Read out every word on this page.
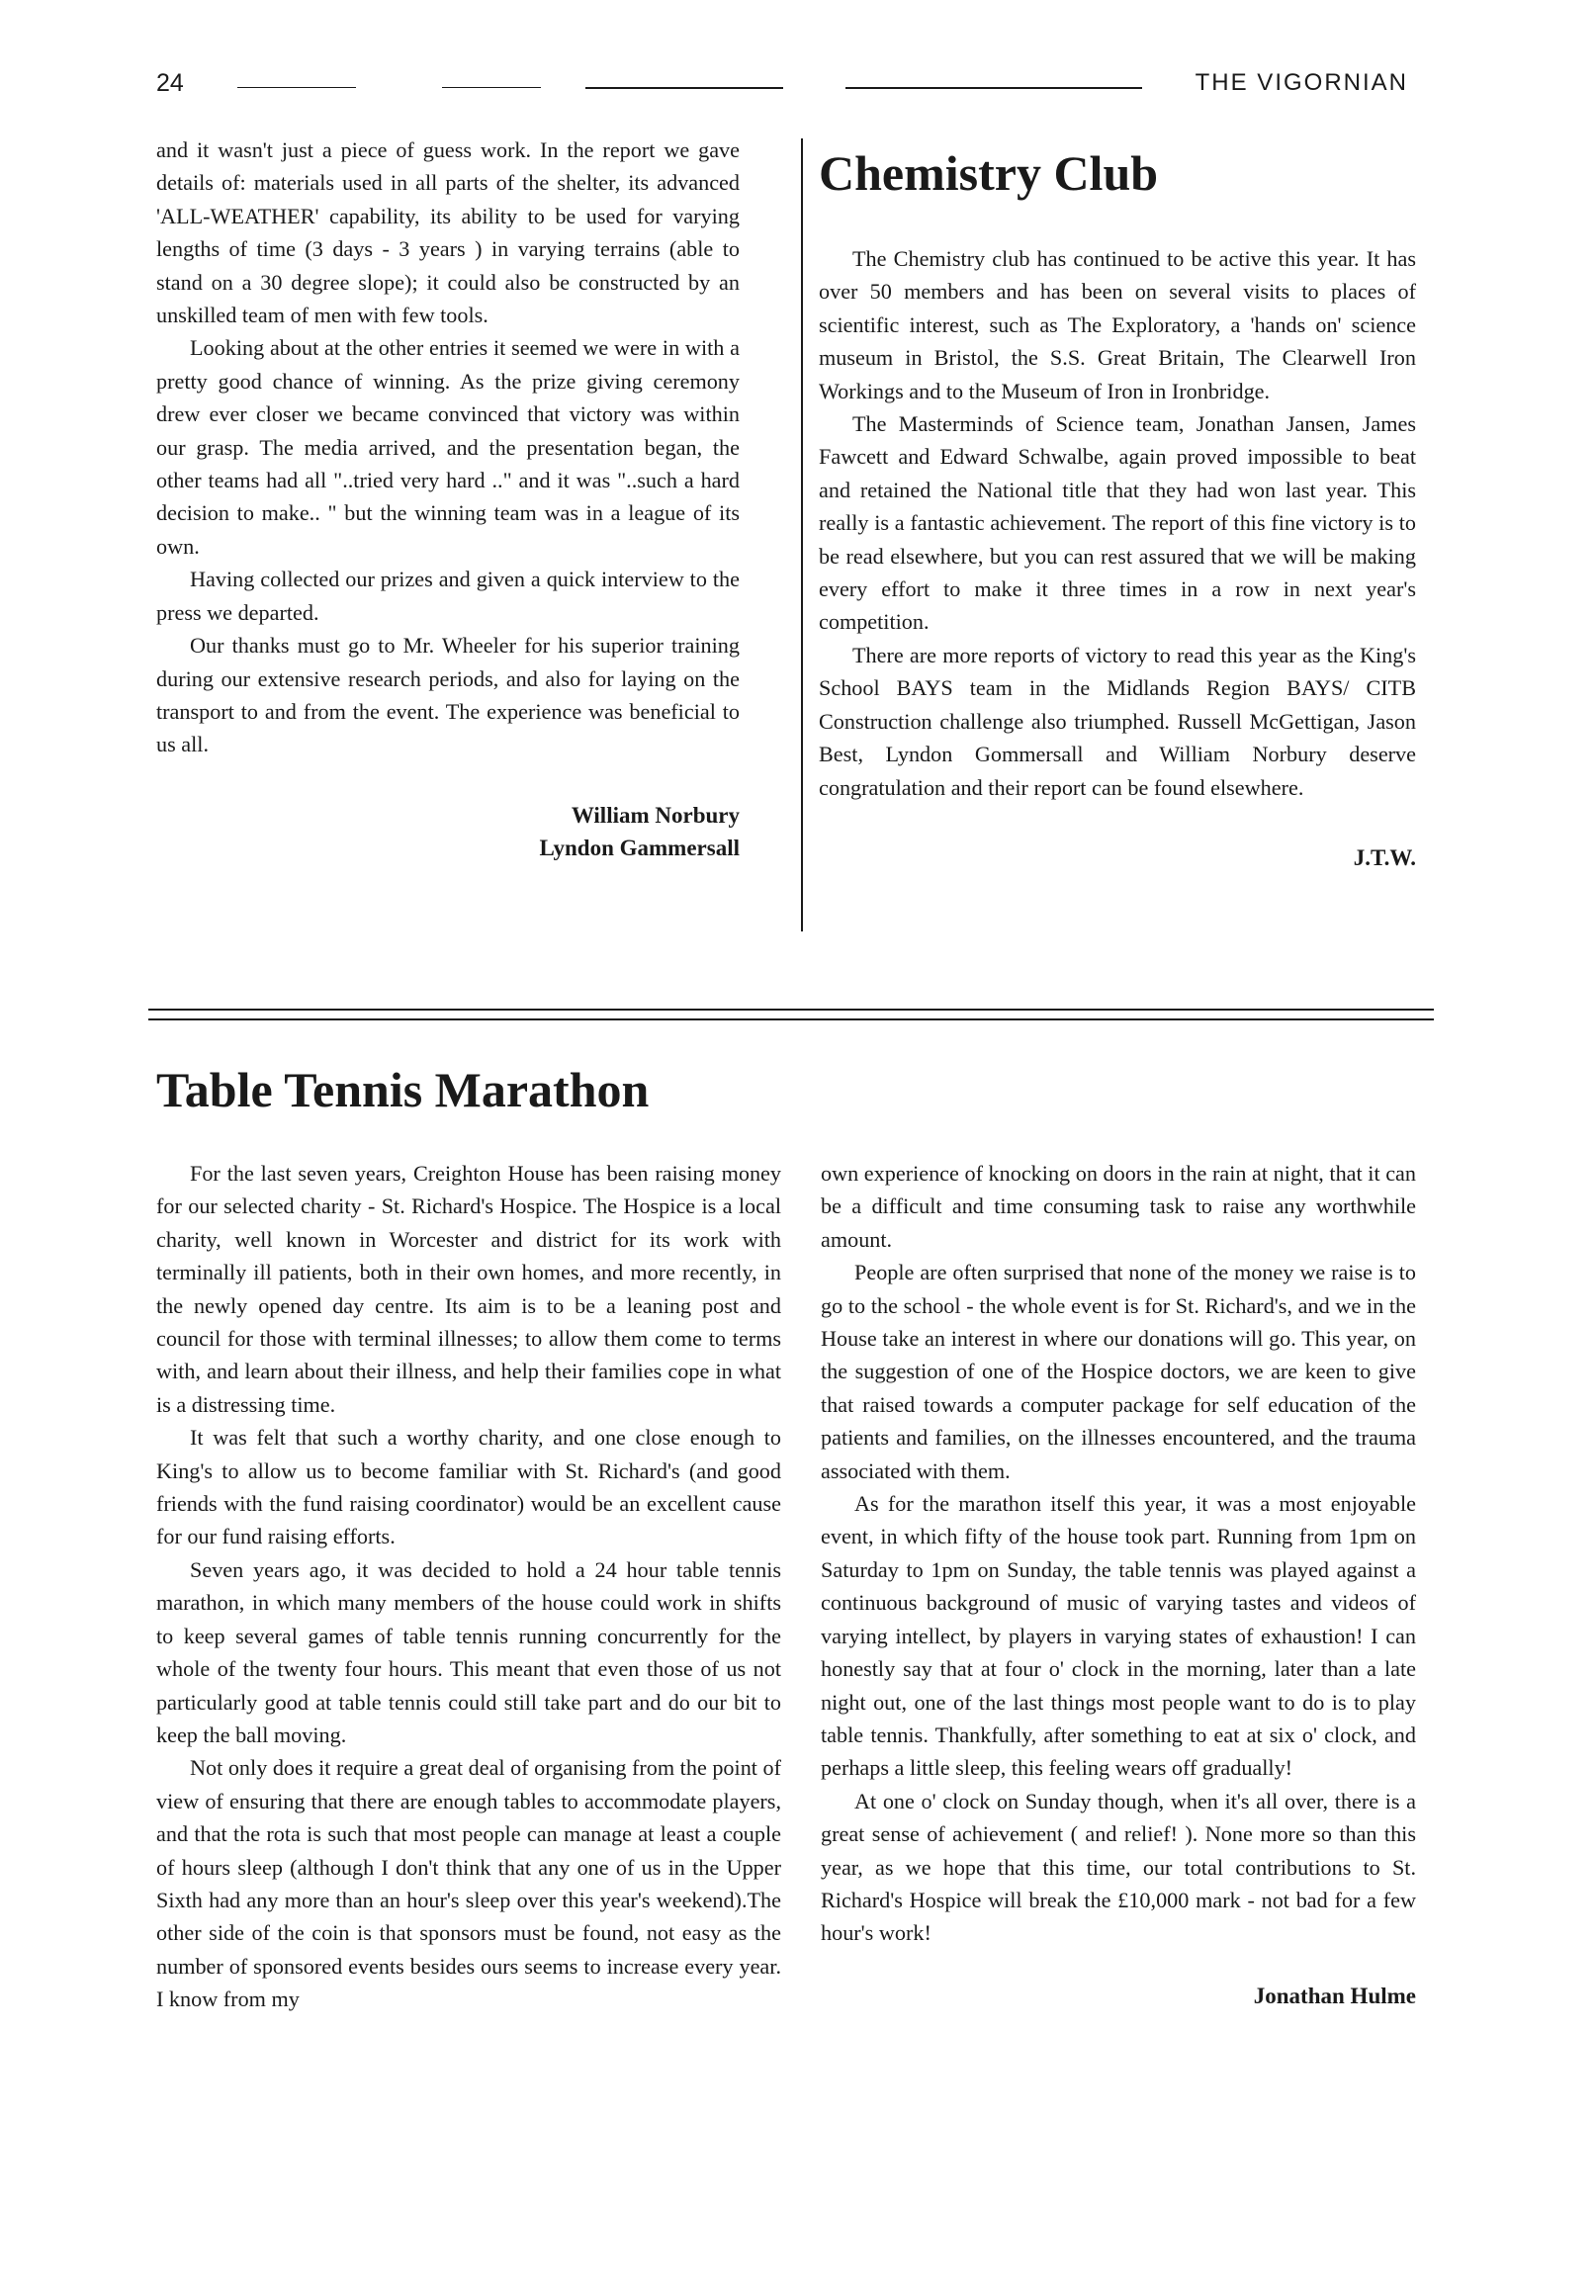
24	THE VIGORNIAN

and it wasn't just a piece of guess work. In the report we gave details of: materials used in all parts of the shelter, its advanced 'ALL-WEATHER' capability, its ability to be used for varying lengths of time (3 days - 3 years ) in varying terrains (able to stand on a 30 degree slope); it could also be constructed by an unskilled team of men with few tools.

Looking about at the other entries it seemed we were in with a pretty good chance of winning. As the prize giving ceremony drew ever closer we became convinced that victory was within our grasp. The media arrived, and the presentation began, the other teams had all "..tried very hard .." and it was "..such a hard decision to make.. " but the winning team was in a league of its own.

Having collected our prizes and given a quick interview to the press we departed.

Our thanks must go to Mr. Wheeler for his superior training during our extensive research periods, and also for laying on the transport to and from the event. The experience was beneficial to us all.

William Norbury
Lyndon Gammersall
Chemistry Club

The Chemistry club has continued to be active this year. It has over 50 members and has been on several visits to places of scientific interest, such as The Exploratory, a 'hands on' science museum in Bristol, the S.S. Great Britain, The Clearwell Iron Workings and to the Museum of Iron in Ironbridge.

The Masterminds of Science team, Jonathan Jansen, James Fawcett and Edward Schwalbe, again proved impossible to beat and retained the National title that they had won last year. This really is a fantastic achievement. The report of this fine victory is to be read elsewhere, but you can rest assured that we will be making every effort to make it three times in a row in next year's competition.

There are more reports of victory to read this year as the King's School BAYS team in the Midlands Region BAYS/ CITB Construction challenge also triumphed. Russell McGettigan, Jason Best, Lyndon Gommersall and William Norbury deserve congratulation and their report can be found elsewhere.

J.T.W.
Table Tennis Marathon

For the last seven years, Creighton House has been raising money for our selected charity - St. Richard's Hospice. The Hospice is a local charity, well known in Worcester and district for its work with terminally ill patients, both in their own homes, and more recently, in the newly opened day centre. Its aim is to be a leaning post and council for those with terminal illnesses; to allow them come to terms with, and learn about their illness, and help their families cope in what is a distressing time.

It was felt that such a worthy charity, and one close enough to King's to allow us to become familiar with St. Richard's (and good friends with the fund raising coordinator) would be an excellent cause for our fund raising efforts.

Seven years ago, it was decided to hold a 24 hour table tennis marathon, in which many members of the house could work in shifts to keep several games of table tennis running concurrently for the whole of the twenty four hours. This meant that even those of us not particularly good at table tennis could still take part and do our bit to keep the ball moving.

Not only does it require a great deal of organising from the point of view of ensuring that there are enough tables to accommodate players, and that the rota is such that most people can manage at least a couple of hours sleep (although I don't think that any one of us in the Upper Sixth had any more than an hour's sleep over this year's weekend).The other side of the coin is that sponsors must be found, not easy as the number of sponsored events besides ours seems to increase every year. I know from my

own experience of knocking on doors in the rain at night, that it can be a difficult and time consuming task to raise any worthwhile amount.

People are often surprised that none of the money we raise is to go to the school - the whole event is for St. Richard's, and we in the House take an interest in where our donations will go. This year, on the suggestion of one of the Hospice doctors, we are keen to give that raised towards a computer package for self education of the patients and families, on the illnesses encountered, and the trauma associated with them.

As for the marathon itself this year, it was a most enjoyable event, in which fifty of the house took part. Running from 1pm on Saturday to 1pm on Sunday, the table tennis was played against a continuous background of music of varying tastes and videos of varying intellect, by players in varying states of exhaustion! I can honestly say that at four o' clock in the morning, later than a late night out, one of the last things most people want to do is to play table tennis. Thankfully, after something to eat at six o' clock, and perhaps a little sleep, this feeling wears off gradually!

At one o' clock on Sunday though, when it's all over, there is a great sense of achievement ( and relief! ). None more so than this year, as we hope that this time, our total contributions to St. Richard's Hospice will break the £10,000 mark - not bad for a few hour's work!

Jonathan Hulme
